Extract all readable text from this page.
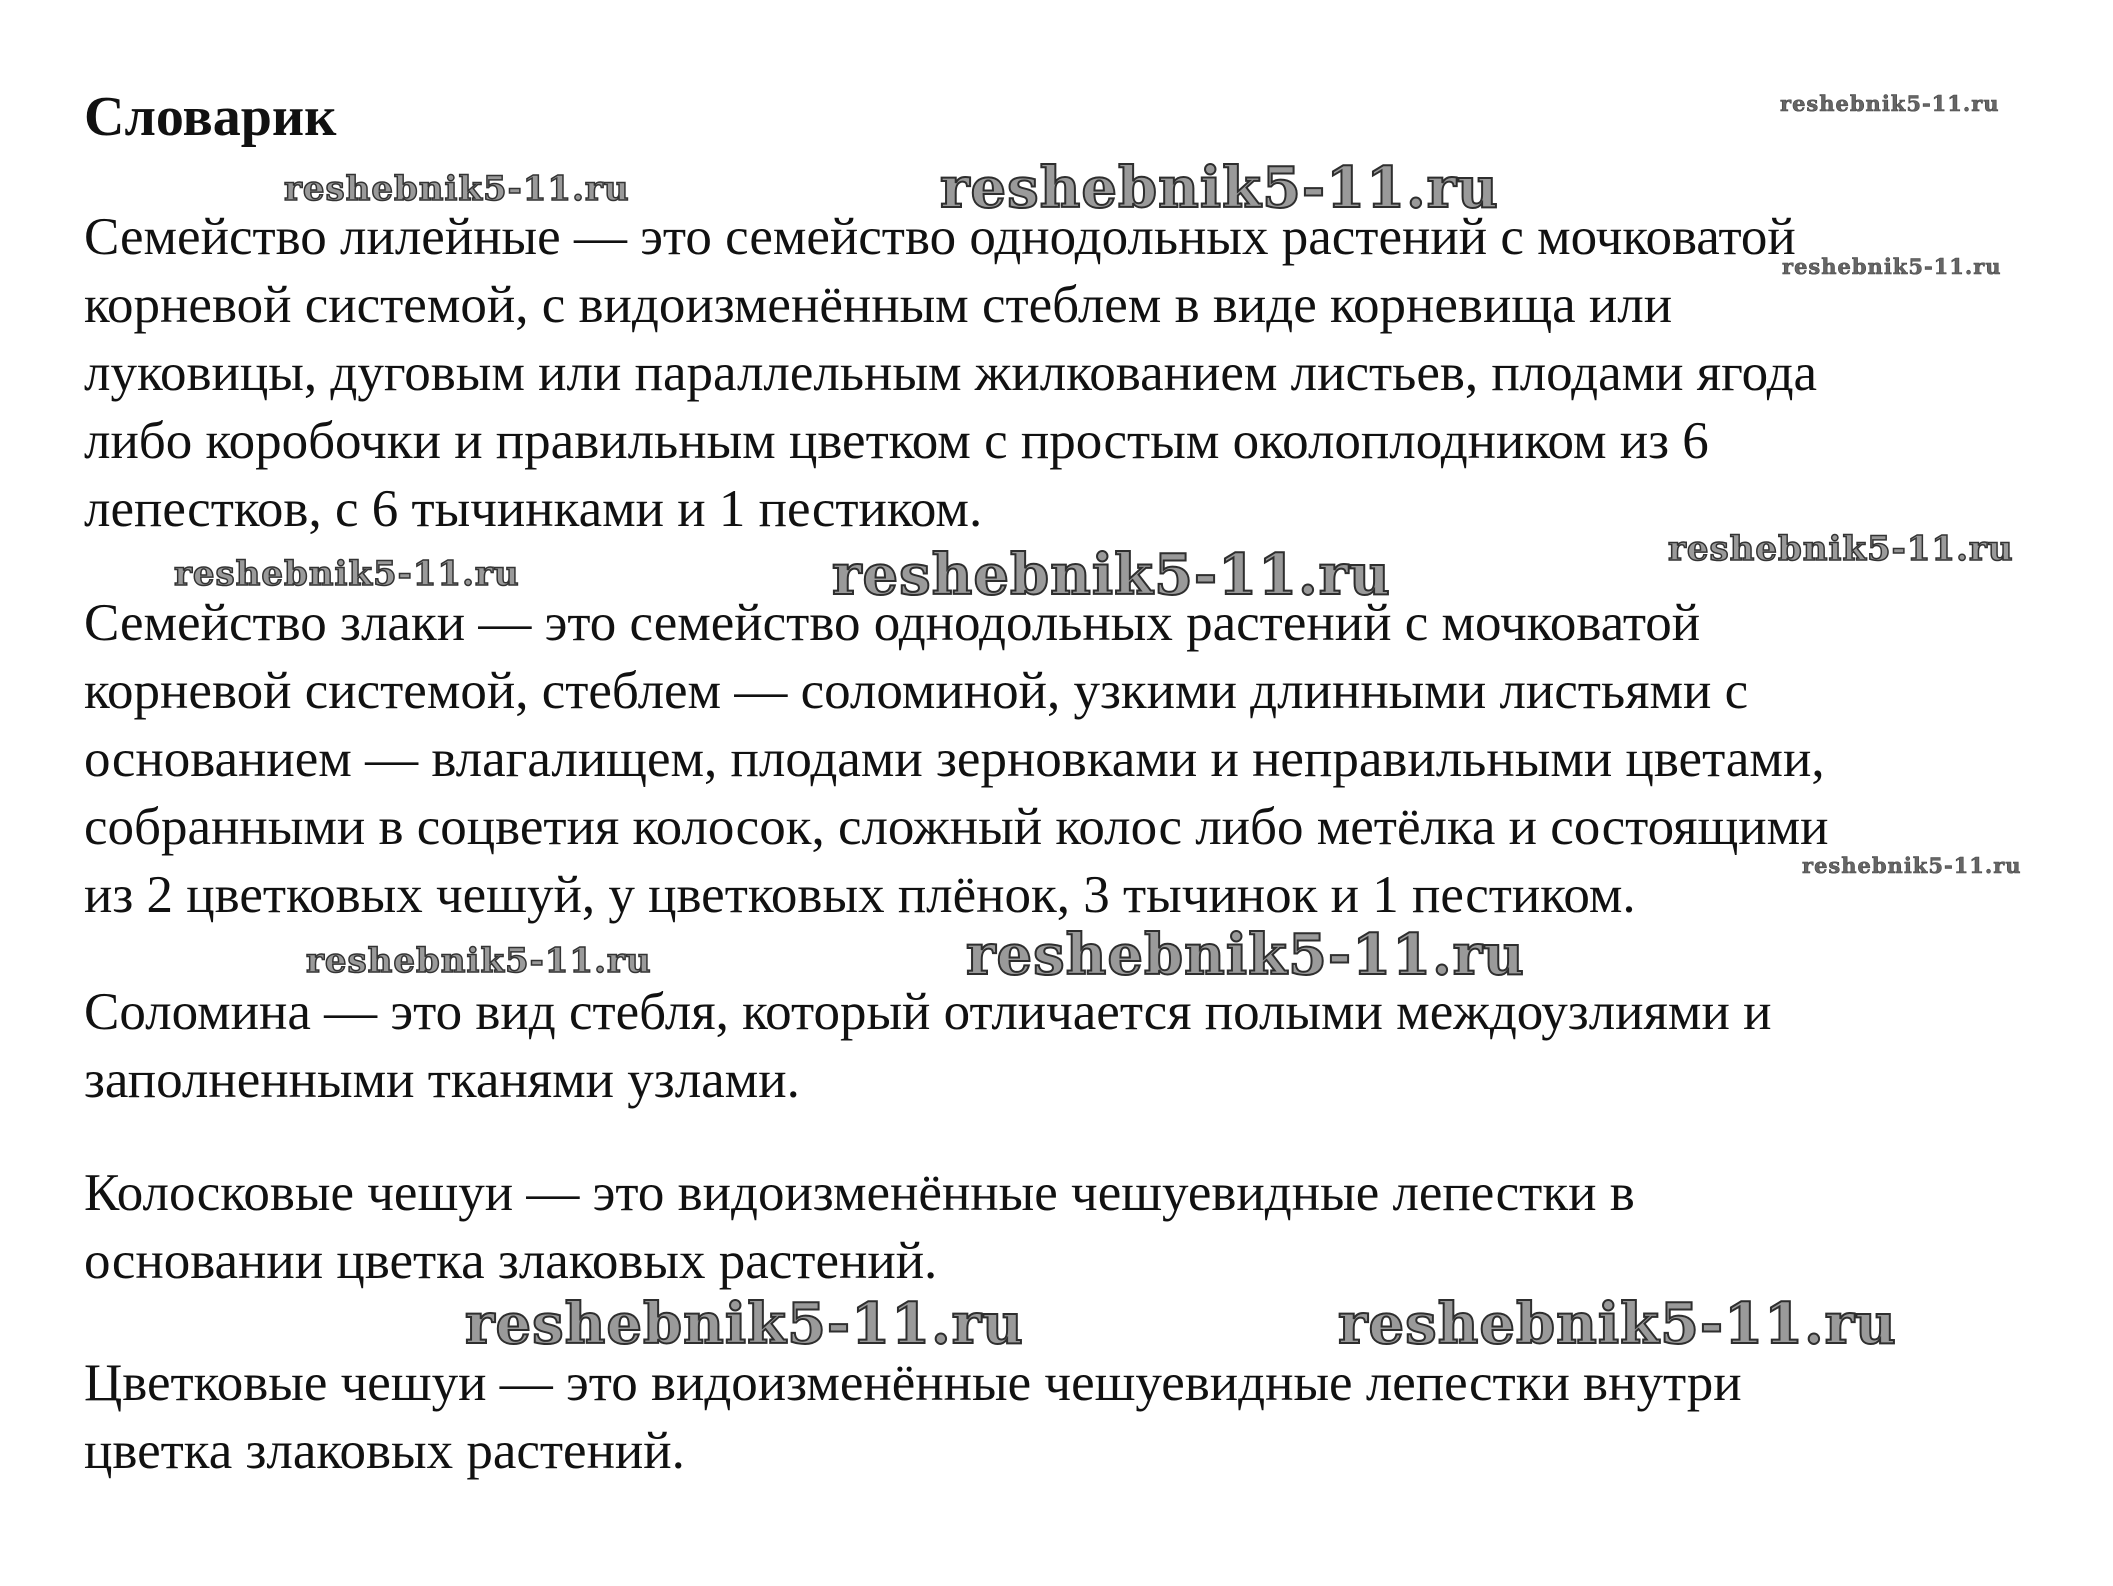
Словарик

Семейство лилейные — это семейство однодольных растений с мочковатой
корневой системой, с видоизменённым стеблем в виде корневища или
луковицы, дуговым или параллельным жилкованием листьев, плодами ягода
либо коробочки и правильным цветком с простым околоплодником из 6
лепестков, с 6 тычинками и 1 пестиком.

Семейство злаки — это семейство однодольных растений с мочковатой
корневой системой, стеблем — соломиной, узкими длинными листьями с
основанием — влагалищем, плодами зерновками и неправильными цветами,
собранными в соцветия колосок, сложный колос либо метёлка и состоящими
из 2 цветковых чешуй, у цветковых плёнок, 3 тычинок и 1 пестиком.

Соломина — это вид стебля, который отличается полыми междоузлиями и
заполненными тканями узлами.

Колосковые чешуи — это видоизменённые чешуевидные лепестки в
основании цветка злаковых растений.

Цветковые чешуи — это видоизменённые чешуевидные лепестки внутри
цветка злаковых растений.

reshebnik5-11.ru
reshebnik5-11.ru	reshebnik5-11.ru
reshebnik5-11.ru
reshebnik5-11.ru	reshebnik5-11.ru	reshebnik5-11.ru
reshebnik5-11.ru
reshebnik5-11.ru	reshebnik5-11.ru
reshebnik5-11.ru	reshebnik5-11.ru
